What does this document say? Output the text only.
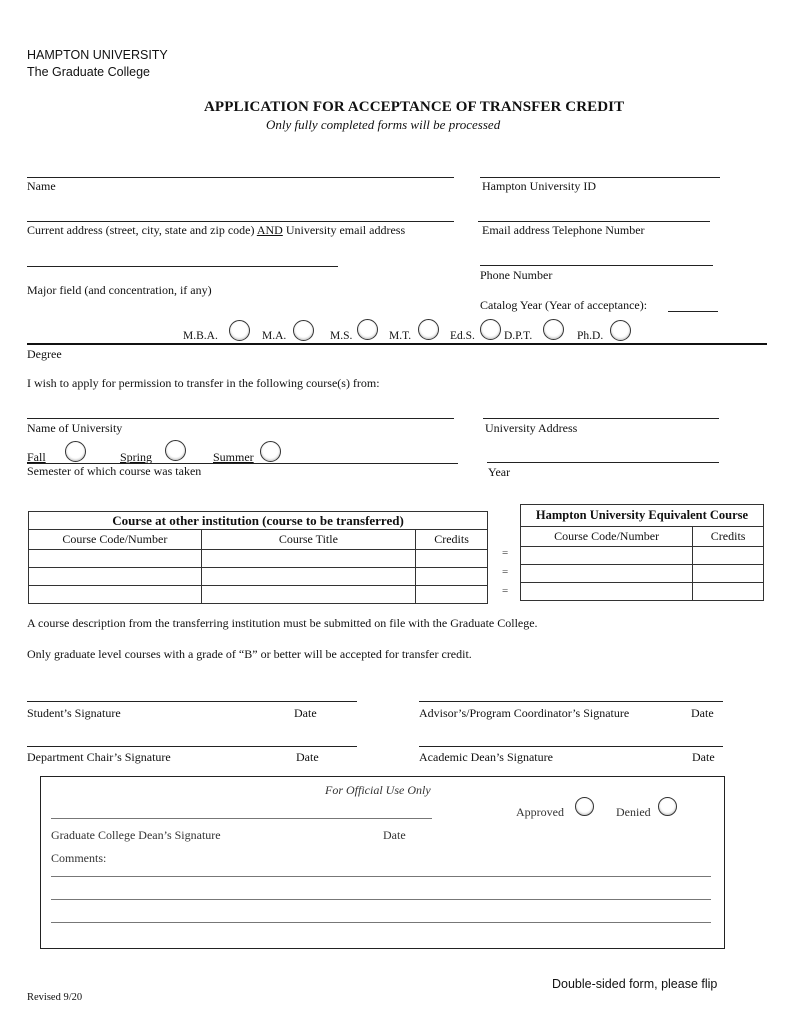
HAMPTON UNIVERSITY
The Graduate College
APPLICATION FOR ACCEPTANCE OF TRANSFER CREDIT
Only fully completed forms will be processed
Name	Hampton University ID
Current address (street, city, state and zip code) AND University email address	Email address Telephone Number
Major field (and concentration, if any)
Phone Number
Catalog Year (Year of acceptance):
M.B.A.	M.A.	M.S.	M.T.	Ed.S.	D.P.T.	Ph.D.
Degree
I wish to apply for permission to transfer in the following course(s) from:
Name of University	University Address
Fall	Spring	Summer
Semester of which course was taken	Year
Course at other institution (course to be transferred)		
Course Code/Number	Course Title	Credits

=
=
=
Hampton University Equivalent Course	
Course Code/Number	Credits

A course description from the transferring institution must be submitted on file with the Graduate College.
Only graduate level courses with a grade of “B” or better will be accepted for transfer credit.
Student’s Signature	Date	Advisor’s/Program Coordinator’s Signature	Date
Department Chair’s Signature	Date	Academic Dean’s Signature	Date
For Official Use Only
Approved	Denied
Graduate College Dean’s Signature	Date
Comments:
Double-sided form, please flip
Revised 9/20
